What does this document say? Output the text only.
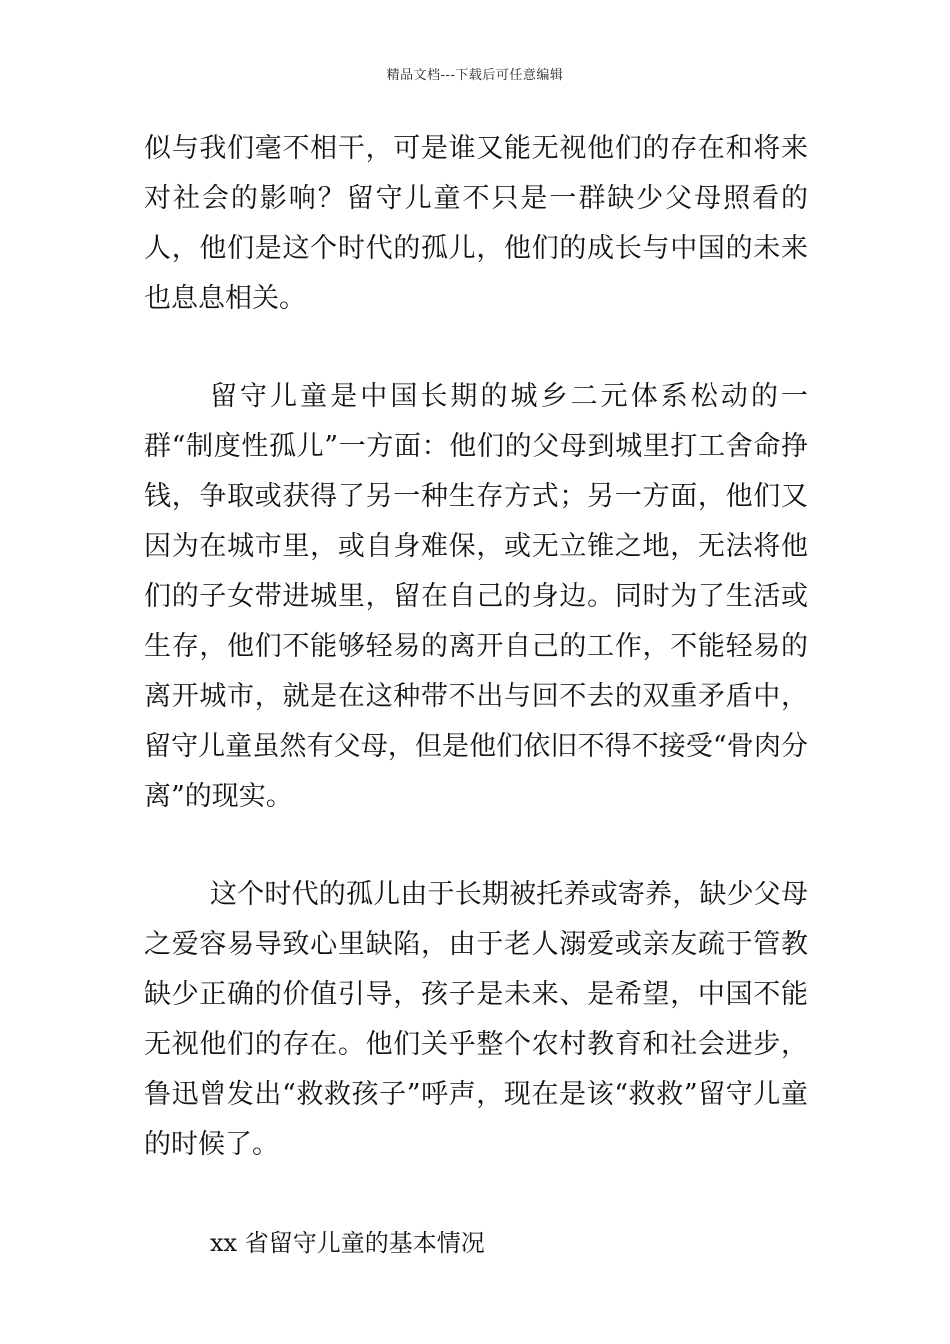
精品文档---下载后可任意编辑

似与我们毫不相干，可是谁又能无视他们的存在和将来对社会的影响？留守儿童不只是一群缺少父母照看的人，他们是这个时代的孤儿，他们的成长与中国的未来也息息相关。

留守儿童是中国长期的城乡二元体系松动的一群“制度性孤儿”一方面：他们的父母到城里打工舍命挣钱，争取或获得了另一种生存方式；另一方面，他们又因为在城市里，或自身难保，或无立锥之地，无法将他们的子女带进城里，留在自己的身边。同时为了生活或生存，他们不能够轻易的离开自己的工作，不能轻易的离开城市，就是在这种带不出与回不去的双重矛盾中，留守儿童虽然有父母，但是他们依旧不得不接受“骨肉分离”的现实。

这个时代的孤儿由于长期被托养或寄养，缺少父母之爱容易导致心里缺陷，由于老人溺爱或亲友疏于管教缺少正确的价值引导，孩子是未来、是希望，中国不能无视他们的存在。他们关乎整个农村教育和社会进步，鲁迅曾发出“救救孩子”呼声，现在是该“救救”留守儿童的时候了。

xx 省留守儿童的基本情况
